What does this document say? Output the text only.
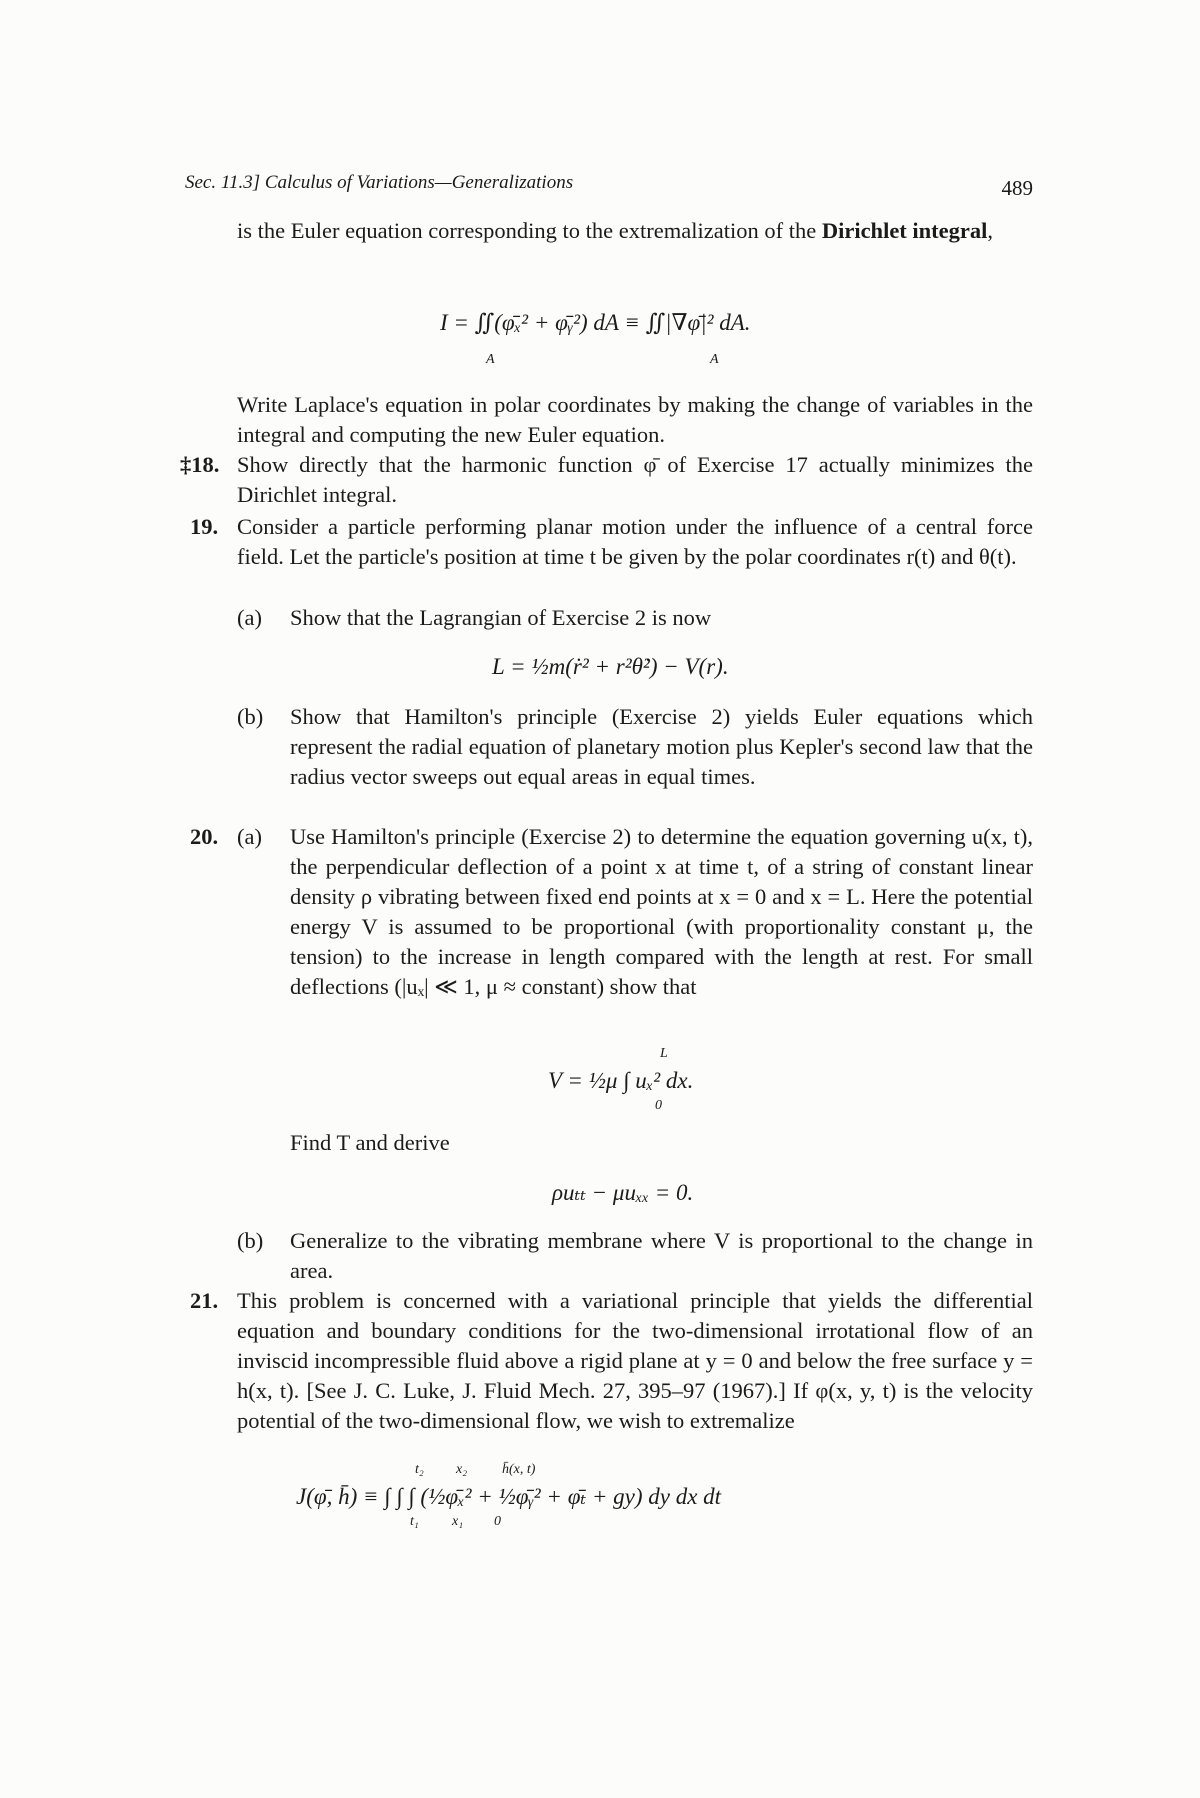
Sec. 11.3] Calculus of Variations—Generalizations	489
is the Euler equation corresponding to the extremalization of the Dirichlet integral,
I = ∬(φ̄ₓ² + φ̄ᵧ²) dA ≡ ∬|∇φ̄|² dA.
A	A
Write Laplace's equation in polar coordinates by making the change of variables in the integral and computing the new Euler equation.
‡18. Show directly that the harmonic function φ̄ of Exercise 17 actually minimizes the Dirichlet integral.
19. Consider a particle performing planar motion under the influence of a central force field. Let the particle's position at time t be given by the polar coordinates r(t) and θ(t).
(a) Show that the Lagrangian of Exercise 2 is now
L = ½m(ṙ² + r²θ̇²) − V(r).
(b) Show that Hamilton's principle (Exercise 2) yields Euler equations which represent the radial equation of planetary motion plus Kepler's second law that the radius vector sweeps out equal areas in equal times.
20. (a) Use Hamilton's principle (Exercise 2) to determine the equation governing u(x, t), the perpendicular deflection of a point x at time t, of a string of constant linear density ρ vibrating between fixed end points at x = 0 and x = L. Here the potential energy V is assumed to be proportional (with proportionality constant μ, the tension) to the increase in length compared with the length at rest. For small deflections (|uₓ| ≪ 1, μ ≈ constant) show that
V = ½μ ∫ uₓ² dx.
L
0
Find T and derive
ρuₜₜ − μuₓₓ = 0.
(b) Generalize to the vibrating membrane where V is proportional to the change in area.
21. This problem is concerned with a variational principle that yields the differential equation and boundary conditions for the two-dimensional irrotational flow of an inviscid incompressible fluid above a rigid plane at y = 0 and below the free surface y = h(x, t). [See J. C. Luke, J. Fluid Mech. 27, 395–97 (1967).] If φ(x, y, t) is the velocity potential of the two-dimensional flow, we wish to extremalize
J(φ̄, h̄) ≡ ∫ ∫ ∫ (½φ̄ₓ² + ½φ̄ᵧ² + φ̄ₜ + gy) dy dx dt
t₂
t₁
x₂
x₁
h̄(x, t)
0
